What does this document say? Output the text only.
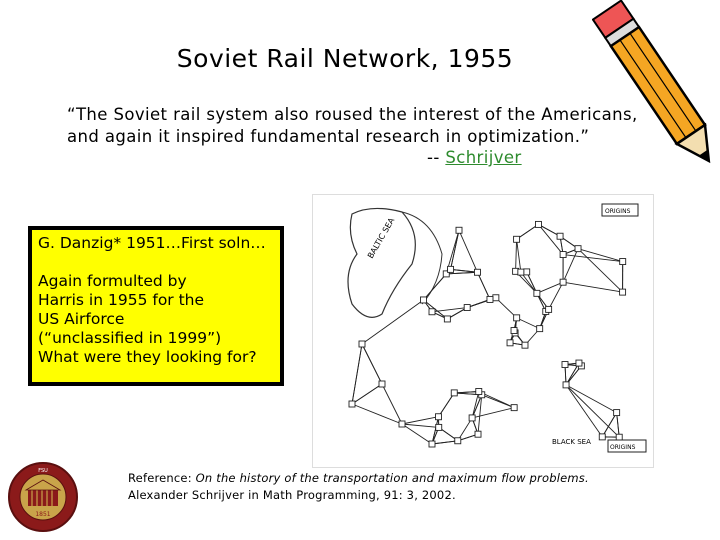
Soviet Rail Network, 1955
“The Soviet rail system also roused the interest of the Americans,
and again it inspired fundamental research in optimization.”
-- Schrijver

G. Danzig* 1951…First soln…

Again formulted by

Harris in 1955 for the

US Airforce

(“unclassified in 1999”)

What were they looking for?

BALTIC SEA
ORIGINS
ORIGINS
BLACK SEA
Reference: On the history of the transportation and maximum flow problems.
Alexander Schrijver in Math Programming, 91: 3, 2002.
1851
FSU
